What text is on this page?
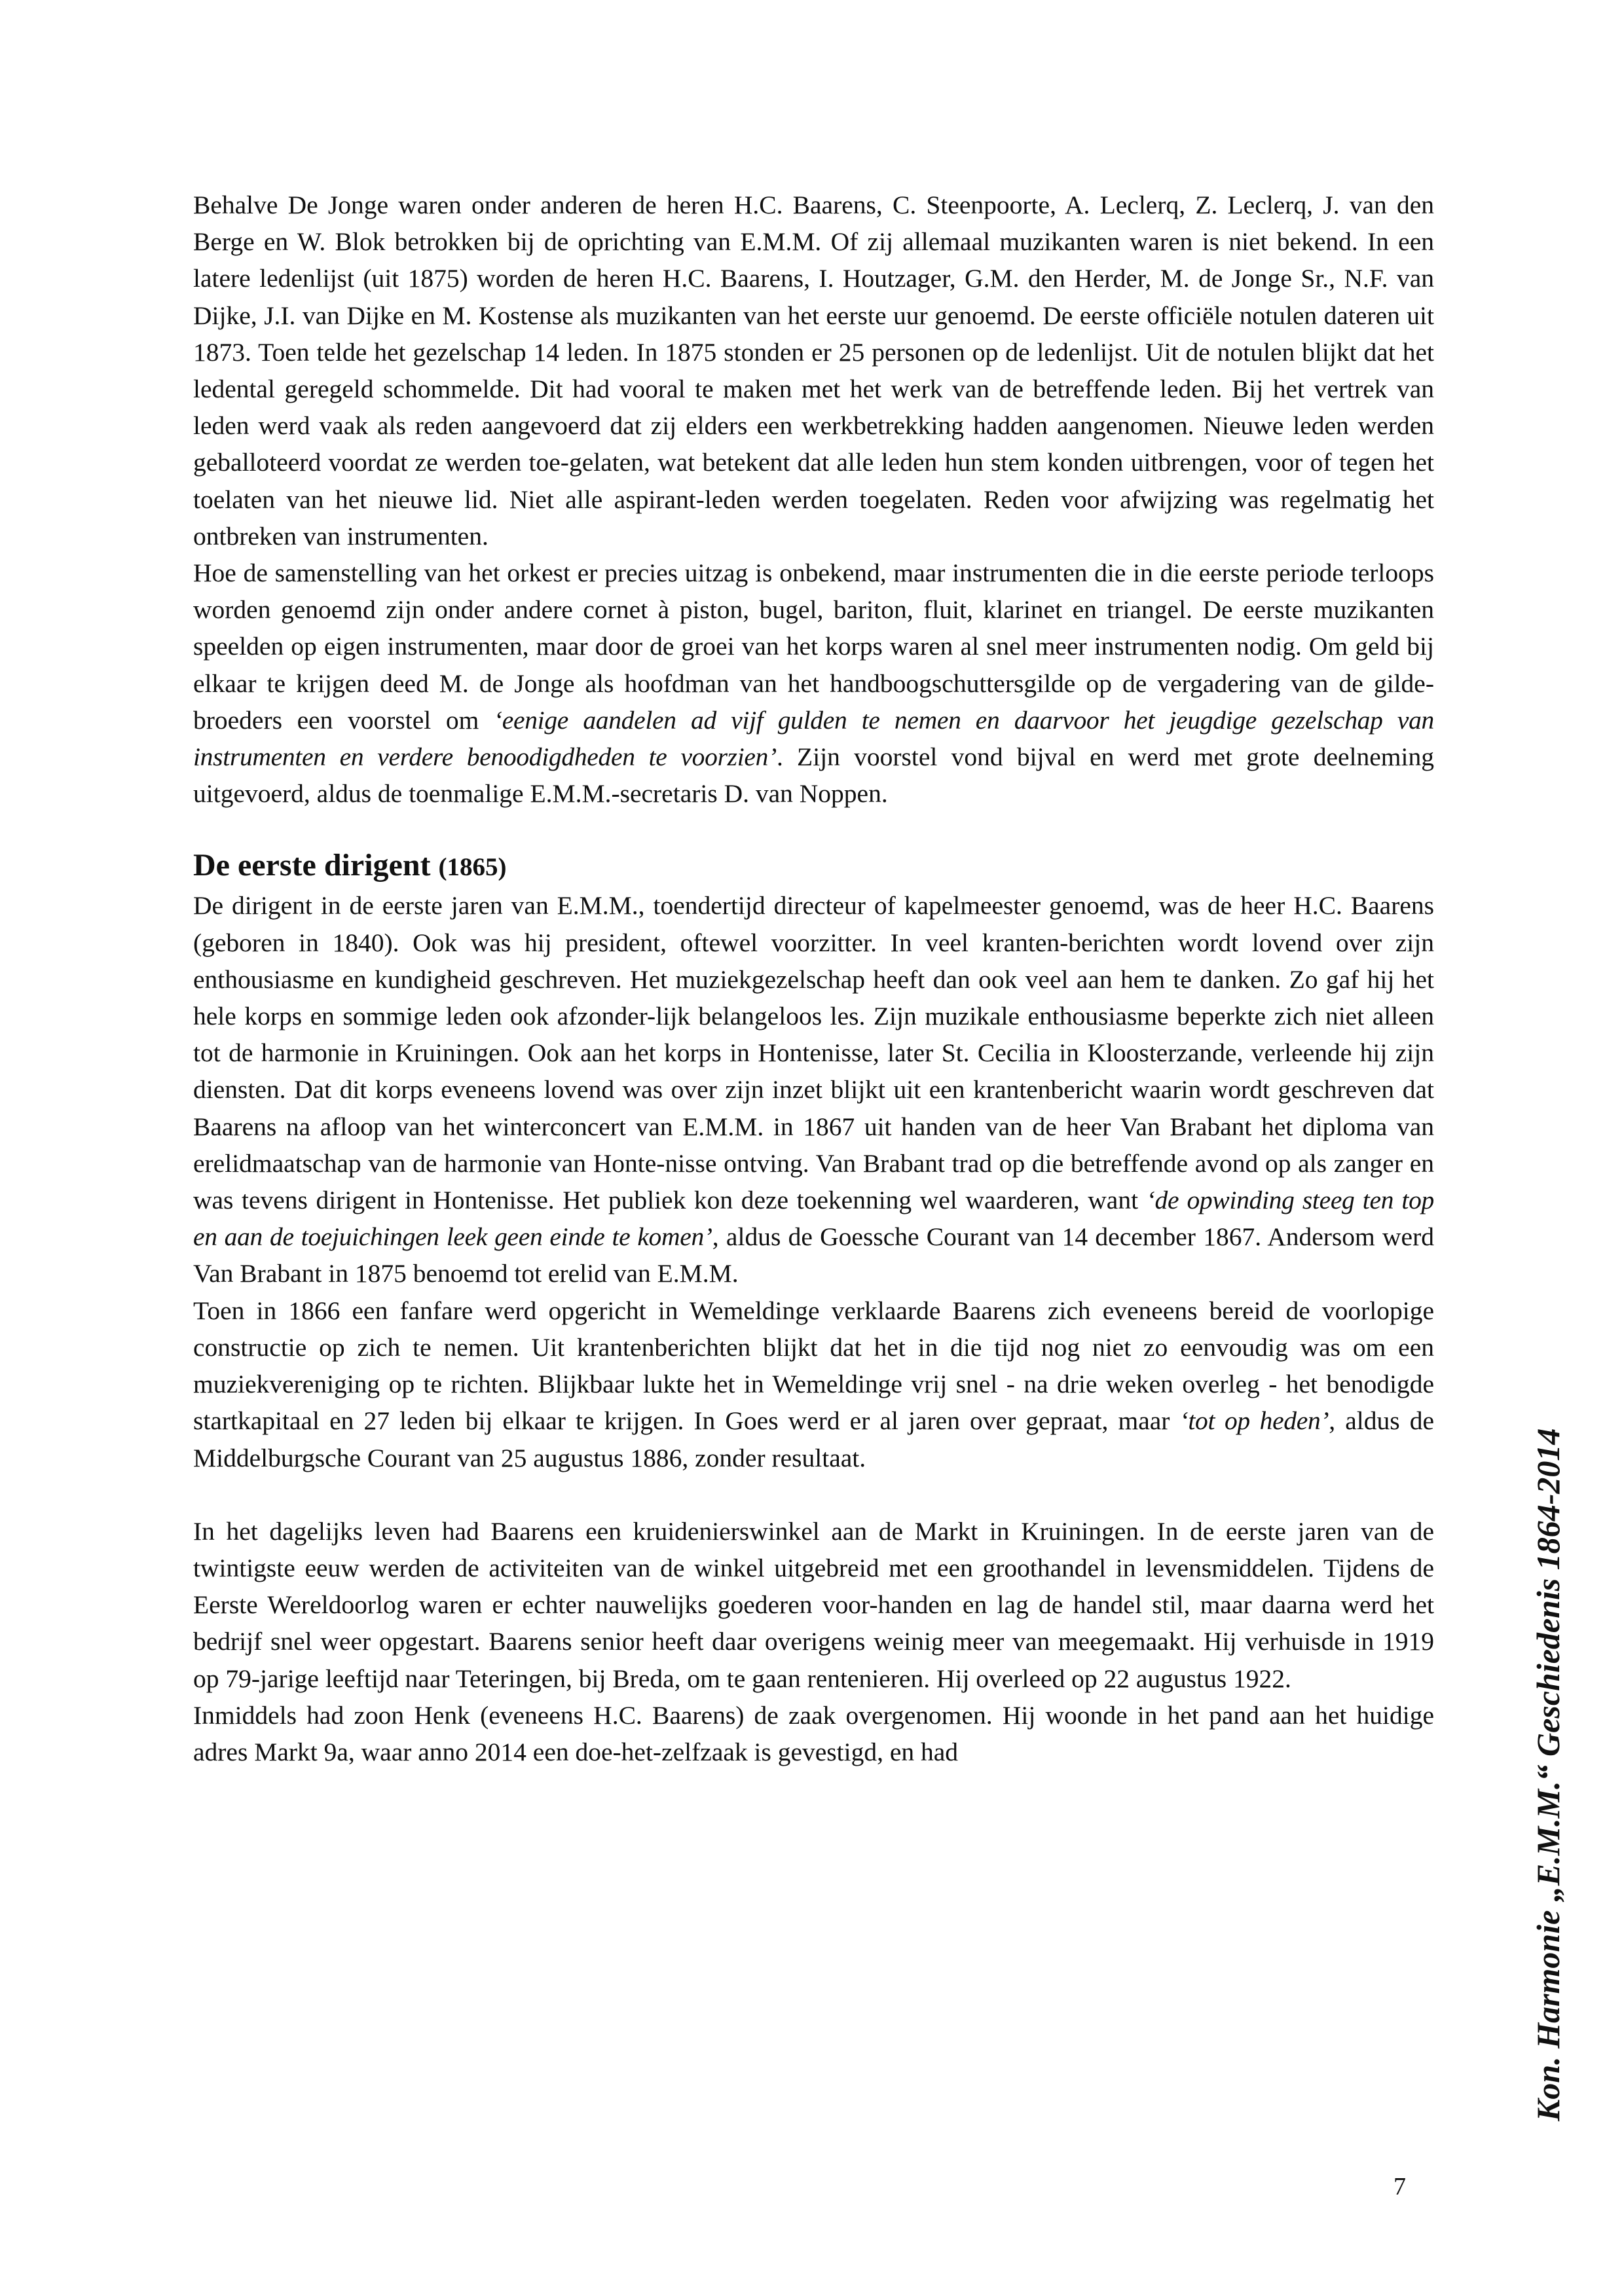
Behalve De Jonge waren onder anderen de heren H.C. Baarens, C. Steenpoorte, A. Leclerq, Z. Leclerq, J. van den Berge en W. Blok betrokken bij de oprichting van E.M.M. Of zij allemaal muzikanten waren is niet bekend. In een latere ledenlijst (uit 1875) worden de heren H.C. Baarens, I. Houtzager, G.M. den Herder, M. de Jonge Sr., N.F. van Dijke, J.I. van Dijke en M. Kostense als muzikanten van het eerste uur genoemd. De eerste officiële notulen dateren uit 1873. Toen telde het gezelschap 14 leden. In 1875 stonden er 25 personen op de ledenlijst. Uit de notulen blijkt dat het ledental geregeld schommelde. Dit had vooral te maken met het werk van de betreffende leden. Bij het vertrek van leden werd vaak als reden aangevoerd dat zij elders een werkbetrekking hadden aangenomen. Nieuwe leden werden geballoteerd voordat ze werden toe-gelaten, wat betekent dat alle leden hun stem konden uitbrengen, voor of tegen het toelaten van het nieuwe lid. Niet alle aspirant-leden werden toegelaten. Reden voor afwijzing was regelmatig het ontbreken van instrumenten.

Hoe de samenstelling van het orkest er precies uitzag is onbekend, maar instrumenten die in die eerste periode terloops worden genoemd zijn onder andere cornet à piston, bugel, bariton, fluit, klarinet en triangel. De eerste muzikanten speelden op eigen instrumenten, maar door de groei van het korps waren al snel meer instrumenten nodig. Om geld bij elkaar te krijgen deed M. de Jonge als hoofdman van het handboogschuttersgilde op de vergadering van de gilde-broeders een voorstel om ‘eenige aandelen ad vijf gulden te nemen en daarvoor het jeugdige gezelschap van instrumenten en verdere benoodigdheden te voorzien’. Zijn voorstel vond bijval en werd met grote deelneming uitgevoerd, aldus de toenmalige E.M.M.-secretaris D. van Noppen.

De eerste dirigent (1865)

De dirigent in de eerste jaren van E.M.M., toendertijd directeur of kapelmeester genoemd, was de heer H.C. Baarens (geboren in 1840). Ook was hij president, oftewel voorzitter. In veel kranten-berichten wordt lovend over zijn enthousiasme en kundigheid geschreven. Het muziekgezelschap heeft dan ook veel aan hem te danken. Zo gaf hij het hele korps en sommige leden ook afzonder-lijk belangeloos les. Zijn muzikale enthousiasme beperkte zich niet alleen tot de harmonie in Kruiningen. Ook aan het korps in Hontenisse, later St. Cecilia in Kloosterzande, verleende hij zijn diensten. Dat dit korps eveneens lovend was over zijn inzet blijkt uit een krantenbericht waarin wordt geschreven dat Baarens na afloop van het winterconcert van E.M.M. in 1867 uit handen van de heer Van Brabant het diploma van erelidmaatschap van de harmonie van Honte-nisse ontving. Van Brabant trad op die betreffende avond op als zanger en was tevens dirigent in Hontenisse. Het publiek kon deze toekenning wel waarderen, want ‘de opwinding steeg ten top en aan de toejuichingen leek geen einde te komen’, aldus de Goessche Courant van 14 december 1867. Andersom werd Van Brabant in 1875 benoemd tot erelid van E.M.M.

Toen in 1866 een fanfare werd opgericht in Wemeldinge verklaarde Baarens zich eveneens bereid de voorlopige constructie op zich te nemen. Uit krantenberichten blijkt dat het in die tijd nog niet zo eenvoudig was om een muziekvereniging op te richten. Blijkbaar lukte het in Wemeldinge vrij snel - na drie weken overleg - het benodigde startkapitaal en 27 leden bij elkaar te krijgen. In Goes werd er al jaren over gepraat, maar ‘tot op heden’, aldus de Middelburgsche Courant van 25 augustus 1886, zonder resultaat.

In het dagelijks leven had Baarens een kruidenierswinkel aan de Markt in Kruiningen. In de eerste jaren van de twintigste eeuw werden de activiteiten van de winkel uitgebreid met een groothandel in levensmiddelen. Tijdens de Eerste Wereldoorlog waren er echter nauwelijks goederen voor-handen en lag de handel stil, maar daarna werd het bedrijf snel weer opgestart. Baarens senior heeft daar overigens weinig meer van meegemaakt. Hij verhuisde in 1919 op 79-jarige leeftijd naar Teteringen, bij Breda, om te gaan rentenieren. Hij overleed op 22 augustus 1922.

Inmiddels had zoon Henk (eveneens H.C. Baarens) de zaak overgenomen. Hij woonde in het pand aan het huidige adres Markt 9a, waar anno 2014 een doe-het-zelfzaak is gevestigd, en had	Kon. Harmonie „E.M.M.“ Geschiedenis 1864-2014
7
